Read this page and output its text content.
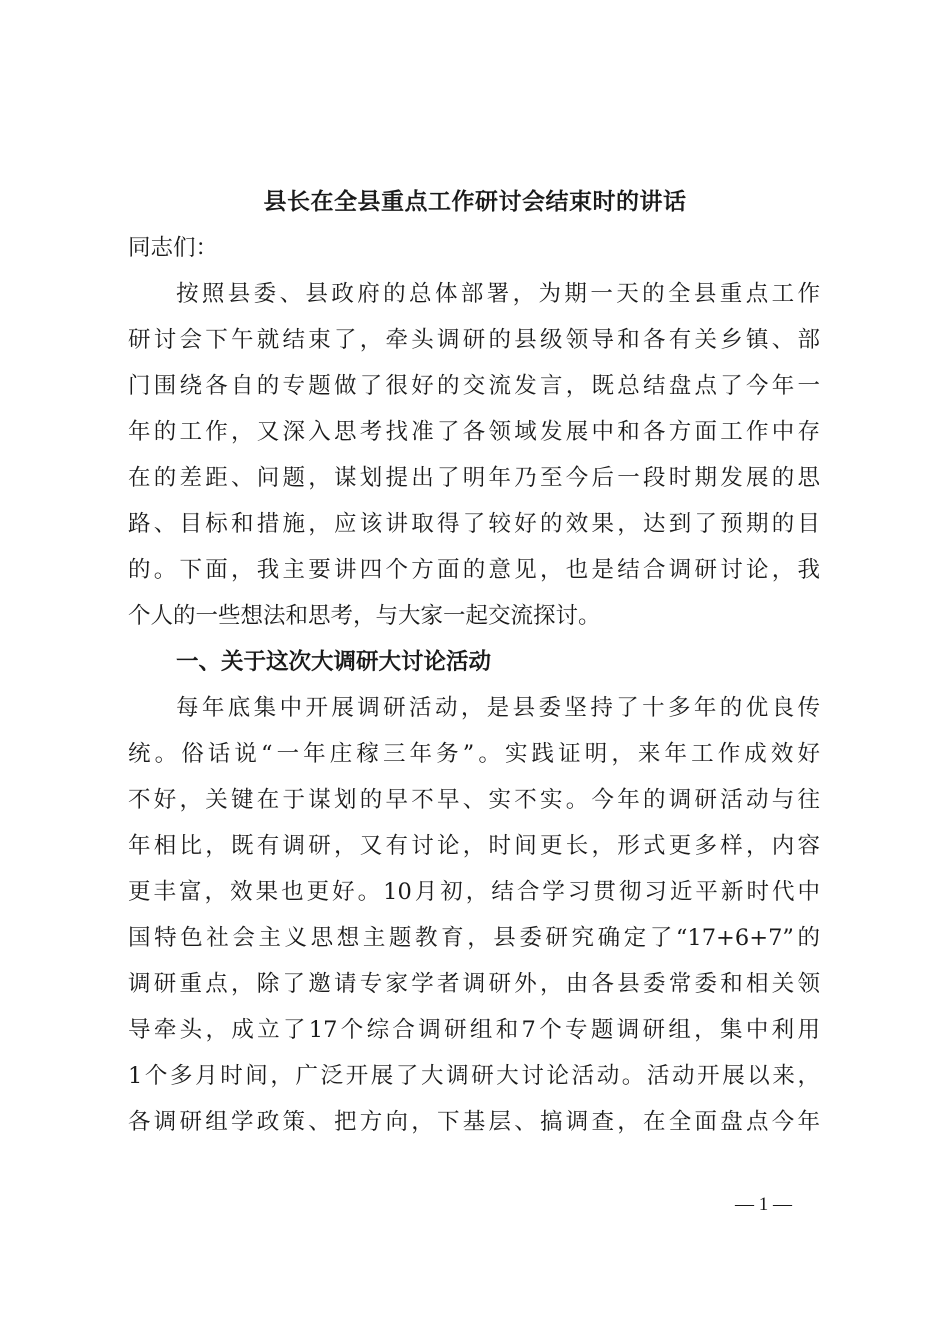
县长在全县重点工作研讨会结束时的讲话
同志们：
按照县委、县政府的总体部署，为期一天的全县重点工作
研讨会下午就结束了，牵头调研的县级领导和各有关乡镇、部
门围绕各自的专题做了很好的交流发言，既总结盘点了今年一
年的工作，又深入思考找准了各领域发展中和各方面工作中存
在的差距、问题，谋划提出了明年乃至今后一段时期发展的思
路、目标和措施，应该讲取得了较好的效果，达到了预期的目
的。下面，我主要讲四个方面的意见，也是结合调研讨论，我
个人的一些想法和思考，与大家一起交流探讨。
一、关于这次大调研大讨论活动
每年底集中开展调研活动，是县委坚持了十多年的优良传
统。俗话说“一年庄稼三年务”。实践证明，来年工作成效好
不好，关键在于谋划的早不早、实不实。今年的调研活动与往
年相比，既有调研，又有讨论，时间更长，形式更多样，内容
更丰富，效果也更好。10月初，结合学习贯彻习近平新时代中
国特色社会主义思想主题教育，县委研究确定了“17+6+7”的
调研重点，除了邀请专家学者调研外，由各县委常委和相关领
导牵头，成立了17个综合调研组和7个专题调研组，集中利用
1个多月时间，广泛开展了大调研大讨论活动。活动开展以来，
各调研组学政策、把方向，下基层、搞调查，在全面盘点今年
— 1 —
